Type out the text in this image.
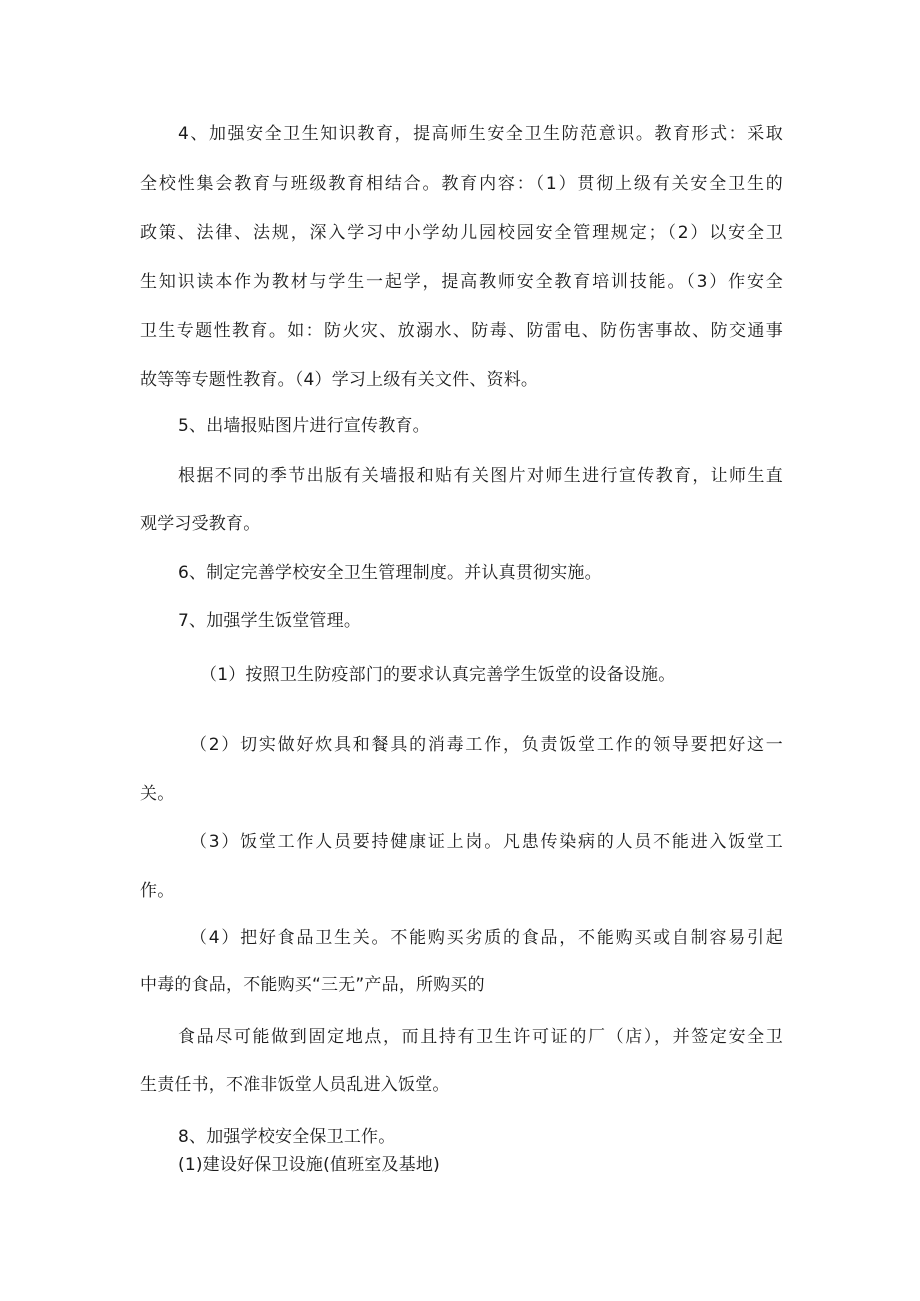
4、加强安全卫生知识教育，提高师生安全卫生防范意识。教育形式：采取
全校性集会教育与班级教育相结合。教育内容：（1）贯彻上级有关安全卫生的
政策、法律、法规，深入学习中小学幼儿园校园安全管理规定；（2）以安全卫
生知识读本作为教材与学生一起学，提高教师安全教育培训技能。（3）作安全
卫生专题性教育。如：防火灾、放溺水、防毒、防雷电、防伤害事故、防交通事
故等等专题性教育。（4）学习上级有关文件、资料。
5、出墙报贴图片进行宣传教育。
根据不同的季节出版有关墙报和贴有关图片对师生进行宣传教育，让师生直
观学习受教育。
6、制定完善学校安全卫生管理制度。并认真贯彻实施。
7、加强学生饭堂管理。
（1）按照卫生防疫部门的要求认真完善学生饭堂的设备设施。
（2）切实做好炊具和餐具的消毒工作，负责饭堂工作的领导要把好这一
关。
（3）饭堂工作人员要持健康证上岗。凡患传染病的人员不能进入饭堂工
作。
（4）把好食品卫生关。不能购买劣质的食品，不能购买或自制容易引起
中毒的食品，不能购买“三无”产品，所购买的
食品尽可能做到固定地点，而且持有卫生许可证的厂（店），并签定安全卫
生责任书，不准非饭堂人员乱进入饭堂。
8、加强学校安全保卫工作。
(1)建设好保卫设施(值班室及基地)
